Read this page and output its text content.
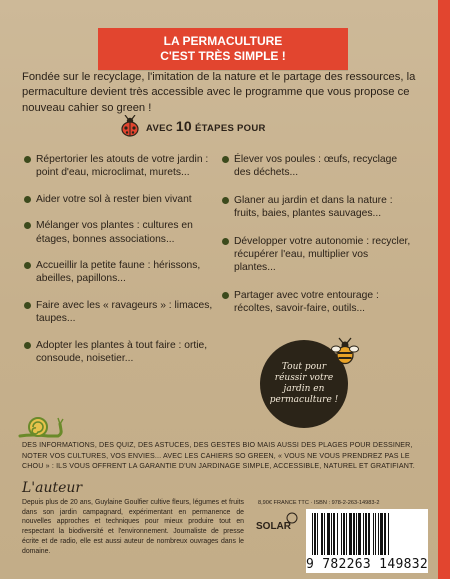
LA PERMACULTURE
C'EST TRÈS SIMPLE !
Fondée sur le recyclage, l'imitation de la nature et le partage des ressources, la permaculture devient très accessible avec le programme que vous propose ce nouveau cahier so green !
AVEC 10 ÉTAPES POUR
Répertorier les atouts de votre jardin : point d'eau, microclimat, murets...
Aider votre sol à rester bien vivant
Mélanger vos plantes : cultures en étages, bonnes associations...
Accueillir la petite faune : hérissons, abeilles, papillons...
Faire avec les « ravageurs » : limaces, taupes...
Adopter les plantes à tout faire : ortie, consoude, noisetier...
Élever vos poules : œufs, recyclage des déchets...
Glaner au jardin et dans la nature : fruits, baies, plantes sauvages...
Développer votre autonomie : recycler, récupérer l'eau, multiplier vos plantes...
Partager avec votre entourage : récoltes, savoir-faire, outils...
Tout pour
réussir votre
jardin en
permaculture !
DES INFORMATIONS, DES QUIZ, DES ASTUCES, DES GESTES BIO MAIS AUSSI DES PLAGES POUR DESSINER, NOTER VOS CULTURES, VOS ENVIES... AVEC LES CAHIERS SO GREEN, « VOUS NE VOUS PRENDREZ PAS LE CHOU » : ILS VOUS OFFRENT LA GARANTIE D'UN JARDINAGE SIMPLE, ACCESSIBLE, NATUREL ET GRATIFIANT.
L'auteur
Depuis plus de 20 ans, Guylaine Goulfier cultive fleurs, légumes et fruits dans son jardin campagnard, expérimentant en permanence de nouvelles approches et techniques pour mieux produire tout en respectant la biodiversité et l'environnement. Journaliste de presse écrite et de radio, elle est aussi auteur de nombreux ouvrages dans le domaine.
8,90€ FRANCE TTC · ISBN : 978-2-263-14983-2
SOLAR
9 782263 149832
